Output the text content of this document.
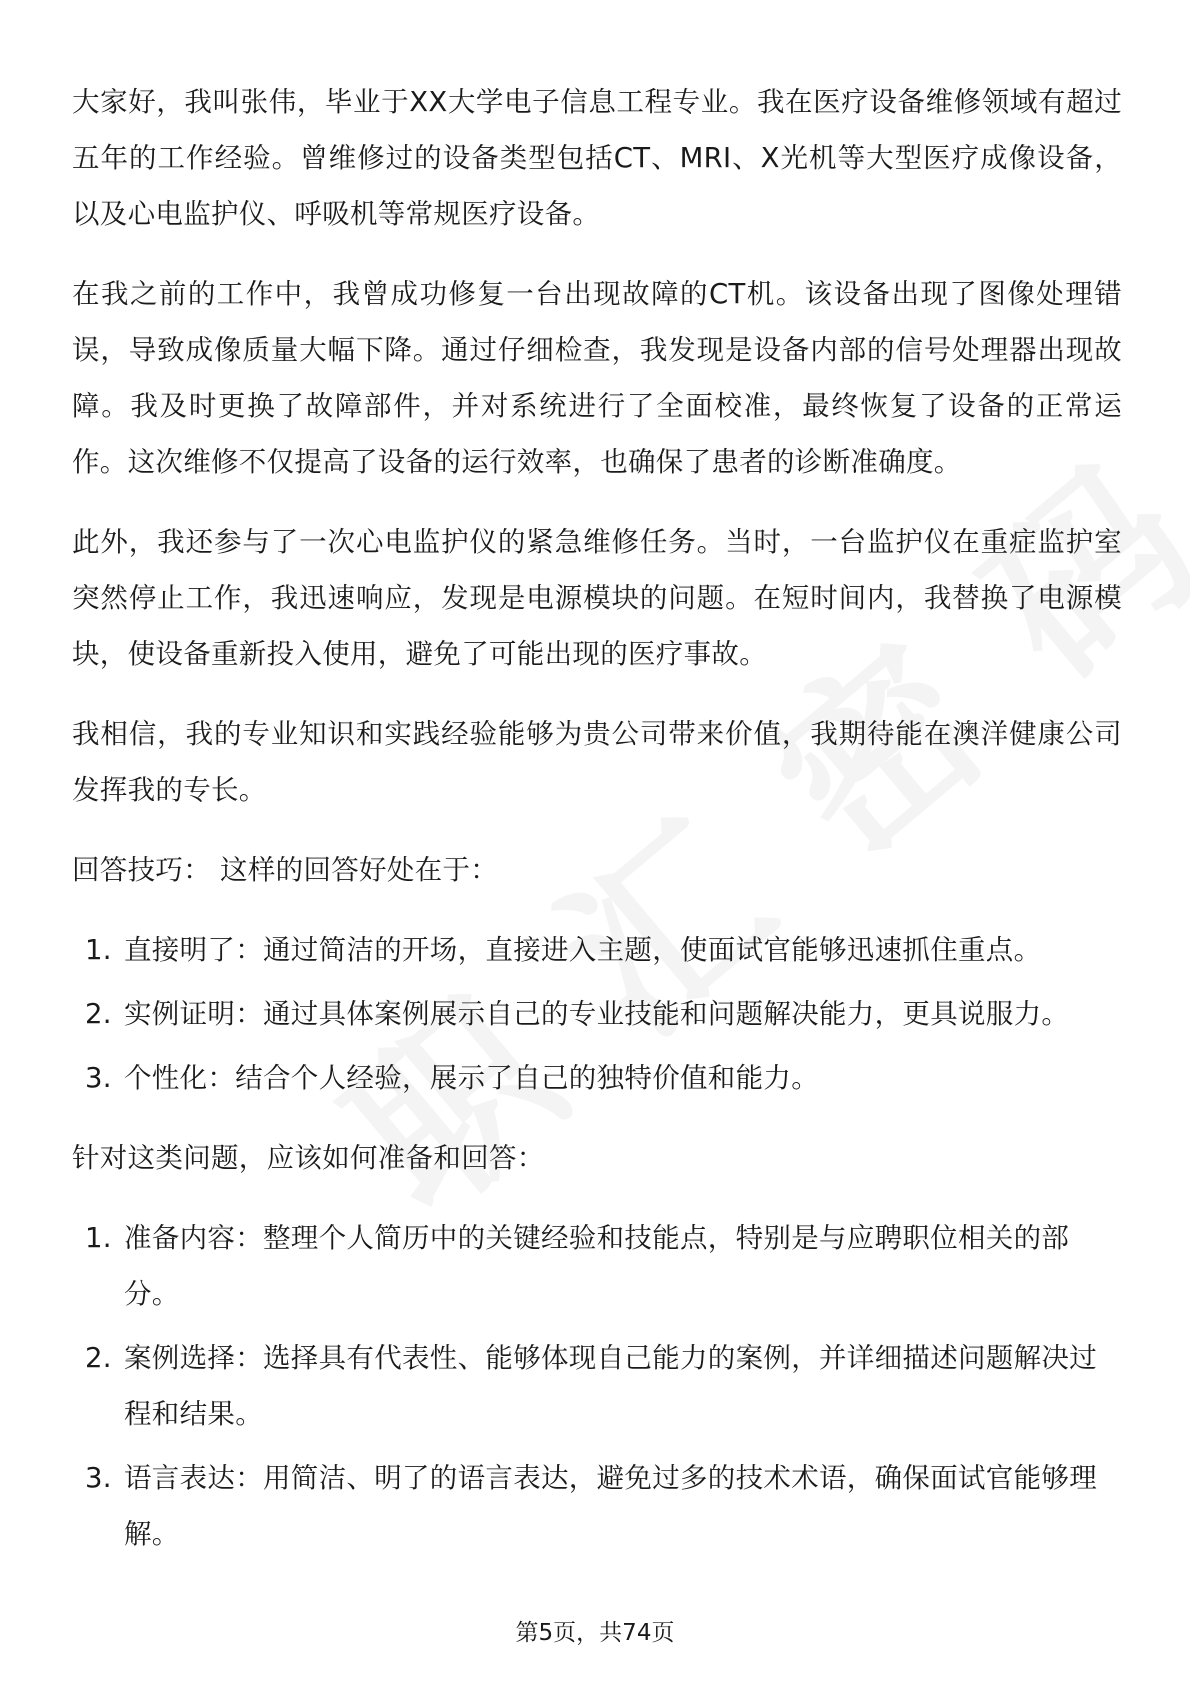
大家好，我叫张伟，毕业于XX大学电子信息工程专业。我在医疗设备维修领域有超过五年的工作经验。曾维修过的设备类型包括CT、MRI、X光机等大型医疗成像设备，以及心电监护仪、呼吸机等常规医疗设备。

在我之前的工作中，我曾成功修复一台出现故障的CT机。该设备出现了图像处理错误，导致成像质量大幅下降。通过仔细检查，我发现是设备内部的信号处理器出现故障。我及时更换了故障部件，并对系统进行了全面校准，最终恢复了设备的正常运作。这次维修不仅提高了设备的运行效率，也确保了患者的诊断准确度。

此外，我还参与了一次心电监护仪的紧急维修任务。当时，一台监护仪在重症监护室突然停止工作，我迅速响应，发现是电源模块的问题。在短时间内，我替换了电源模块，使设备重新投入使用，避免了可能出现的医疗事故。

我相信，我的专业知识和实践经验能够为贵公司带来价值，我期待能在澳洋健康公司发挥我的专长。

回答技巧： 这样的回答好处在于：

1. 直接明了：通过简洁的开场，直接进入主题，使面试官能够迅速抓住重点。
2. 实例证明：通过具体案例展示自己的专业技能和问题解决能力，更具说服力。
3. 个性化：结合个人经验，展示了自己的独特价值和能力。

针对这类问题，应该如何准备和回答：

1. 准备内容：整理个人简历中的关键经验和技能点，特别是与应聘职位相关的部分。
2. 案例选择：选择具有代表性、能够体现自己能力的案例，并详细描述问题解决过程和结果。
3. 语言表达：用简洁、明了的语言表达，避免过多的技术术语，确保面试官能够理解。
第5页，共74页
